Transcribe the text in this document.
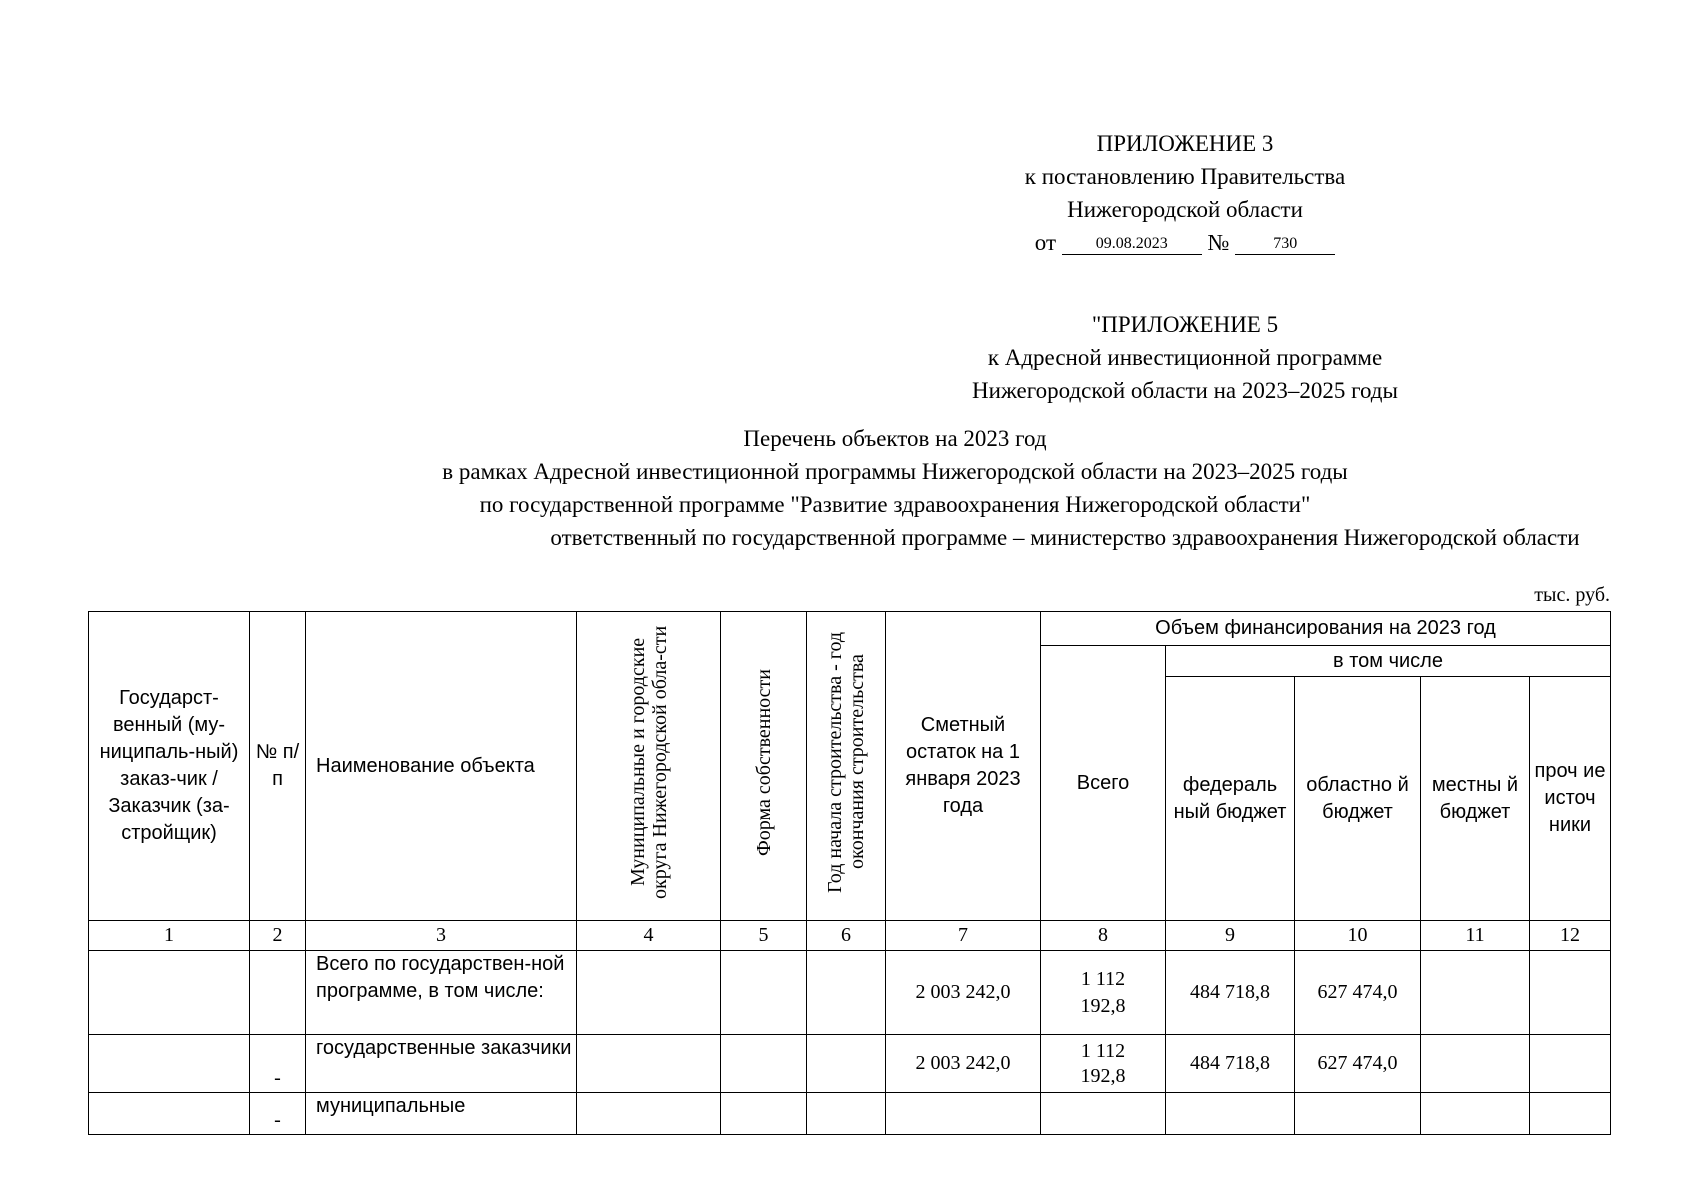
ПРИЛОЖЕНИЕ 3
к постановлению Правительства
Нижегородской области
от 09.08.2023 №	730
"ПРИЛОЖЕНИЕ 5
к Адресной инвестиционной программе
Нижегородской области на 2023–2025 годы
Перечень объектов на 2023 год
в рамках Адресной инвестиционной программы Нижегородской области на 2023–2025 годы
по государственной программе "Развитие здравоохранения Нижегородской области"
ответственный по государственной программе – министерство здравоохранения Нижегородской области
тыс. руб.
Государст-венный (му-ниципаль-ный) заказ-чик / Заказчик (за-стройщик)	№ п/п	Наименование объекта	Муниципальные и городские округа Нижегородской обла-сти	Форма собственности	Год начала строительства - год окончания строительства	Сметный остаток на 1 января 2023 года	Объем финансирования на 2023 год				
							Всего	в том числе			
								федераль ный бюджет	областно й бюджет	местны й бюджет	проч ие источ ники
1	2	3	4	5	6	7	8	9	10	11	12
		Всего по государствен-ной программе, в том числе:				2 003 242,0	1 112 192,8	484 718,8	627 474,0		
	-	государственные заказчики				2 003 242,0	1 112 192,8	484 718,8	627 474,0		
	-	муниципальные									
